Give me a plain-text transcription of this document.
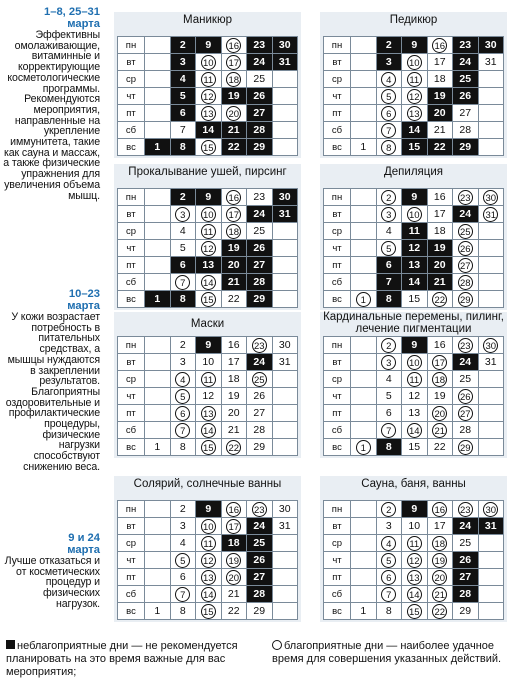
1–8, 25–31
марта
Эффективны омолаживающие, витаминные и корректирующие косметологические программы. Рекомендуются мероприятия, направленные на укрепление иммунитета, такие как сауна и массаж, а также физические упражнения для увеличения объема мышц.
10–23
марта
У кожи возрастает потребность в питательных средствах, а мышцы нуждаются в закреплении результатов. Благоприятны оздоровительные и профилактические процедуры, физические нагрузки способствуют снижению веса.
9 и 24
марта
Лучше отказаться и от косметических процедур и физических нагрузок.
Маникюр
пн		2	9	16	23	30
вт		3	10	17	24	31
ср		4	11	18	25	
чт		5	12	19	26	
пт		6	13	20	27	
сб		7	14	21	28	
вс	1	8	15	22	29	
Педикюр
пн		2	9	16	23	30
вт		3	10	17	24	31
ср		4	11	18	25	
чт		5	12	19	26	
пт		6	13	20	27	
сб		7	14	21	28	
вс	1	8	15	22	29	
Прокалывание ушей, пирсинг
пн		2	9	16	23	30
вт		3	10	17	24	31
ср		4	11	18	25	
чт		5	12	19	26	
пт		6	13	20	27	
сб		7	14	21	28	
вс	1	8	15	22	29	
Депиляция
пн		2	9	16	23	30
вт		3	10	17	24	31
ср		4	11	18	25	
чт		5	12	19	26	
пт		6	13	20	27	
сб		7	14	21	28	
вс	1	8	15	22	29	
Маски
пн		2	9	16	23	30
вт		3	10	17	24	31
ср		4	11	18	25	
чт		5	12	19	26	
пт		6	13	20	27	
сб		7	14	21	28	
вс	1	8	15	22	29	
Кардинальные перемены, пилинг, лечение пигментации
пн		2	9	16	23	30
вт		3	10	17	24	31
ср		4	11	18	25	
чт		5	12	19	26	
пт		6	13	20	27	
сб		7	14	21	28	
вс	1	8	15	22	29	
Солярий, солнечные ванны
пн		2	9	16	23	30
вт		3	10	17	24	31
ср		4	11	18	25	
чт		5	12	19	26	
пт		6	13	20	27	
сб		7	14	21	28	
вс	1	8	15	22	29	
Сауна, баня, ванны
пн		2	9	16	23	30
вт		3	10	17	24	31
ср		4	11	18	25	
чт		5	12	19	26	
пт		6	13	20	27	
сб		7	14	21	28	
вс	1	8	15	22	29	
неблагоприятные дни — не рекомендуется планировать на это время важные для вас мероприятия;
благоприятные дни — наиболее удачное время для совершения указанных действий.
